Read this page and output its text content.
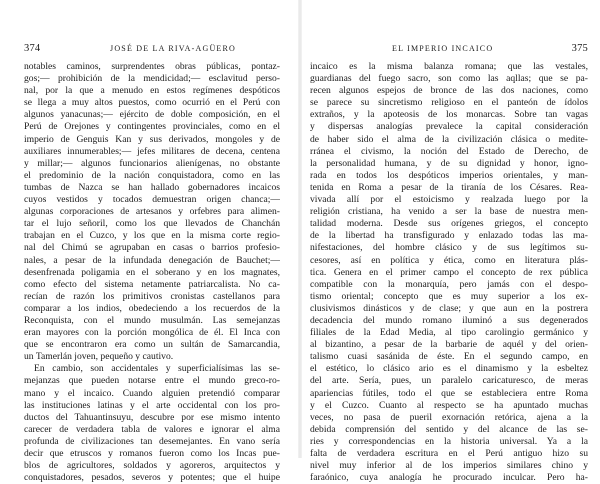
374	JOSÉ DE LA RIVA-AGÜERO
notables caminos, surprendentes obras públicas, pontaz-
gos;— prohibición de la mendicidad;— esclavitud perso-
nal, por la que a menudo en estos regímenes despóticos
se llega a muy altos puestos, como ocurrió en el Perú con
algunos yanacunas;— ejército de doble composición, en el
Perú de Orejones y contingentes provinciales, como en el
imperio de Genguis Kan y sus derivados, mongoles y de
auxiliares innumerables;— jefes militares de decena, centena
y millar;— algunos funcionarios alienígenas, no obstante
el predominio de la nación conquistadora, como en las
tumbas de Nazca se han hallado gobernadores incaicos
cuyos vestidos y tocados demuestran origen chanca;—
algunas corporaciones de artesanos y orfebres para alimen-
tar el lujo señoril, como los que llevados de Chanchán
trabajan en el Cuzco, y los que en la misma corte regio-
nal del Chimú se agrupaban en casas o barrios profesio-
nales, a pesar de la infundada denegación de Bauchet;—
desenfrenada poligamia en el soberano y en los magnates,
como efecto del sistema netamente patriarcalista. No ca-
recían de razón los primitivos cronistas castellanos para
comparar a los indios, obedeciendo a los recuerdos de la
Reconquista, con el mundo musulmán. Las semejanzas
eran mayores con la porción mongólica de él. El Inca con
que se encontraron era como un sultán de Samarcandia,
un Tamerlán joven, pequeño y cautivo.
En cambio, son accidentales y superficialísimas las se-
mejanzas que pueden notarse entre el mundo greco-ro-
mano y el incaico. Cuando alguien pretendió comparar
las instituciones latinas y el arte occidental con los pro-
ductos del Tahuantinsuyu, descubre por ese mismo intento
carecer de verdadera tabla de valores e ignorar el alma
profunda de civilizaciones tan desemejantes. En vano sería
decir que etruscos y romanos fueron como los Incas pue-
blos de agricultores, soldados y agoreros, arquitectos y
conquistadores, pesados, severos y potentes; que el huipe
EL IMPERIO INCAICO	375
incaico es la misma balanza romana; que las vestales,
guardianas del fuego sacro, son como las aqllas; que se pa-
recen algunos espejos de bronce de las dos naciones, como
se parece su sincretismo religioso en el panteón de ídolos
extraños, y la apoteosis de los monarcas. Sobre tan vagas
y dispersas analogías prevalece la capital consideración
de haber sido el alma de la civilización clásica o medite-
rránea el civismo, la noción del Estado de Derecho, de
la personalidad humana, y de su dignidad y honor, igno-
rada en todos los despóticos imperios orientales, y man-
tenida en Roma a pesar de la tiranía de los Césares. Rea-
vivada allí por el estoicismo y realzada luego por la
religión cristiana, ha venido a ser la base de nuestra men-
talidad moderna. Desde sus orígenes griegos, el concepto
de la libertad ha transfigurado y enlazado todas las ma-
nifestaciones, del hombre clásico y de sus legítimos su-
cesores, así en política y ética, como en literatura plás-
tica. Genera en el primer campo el concepto de rex pública
compatible con la monarquía, pero jamás con el despo-
tismo oriental; concepto que es muy superior a los ex-
clusivismos dinásticos y de clase; y que aun en la postrera
decadencia del mundo romano iluminó a sus degenerados
filiales de la Edad Media, al tipo carolingio germánico y
al bizantino, a pesar de la barbarie de aquél y del orien-
talismo cuasi sasánida de éste. En el segundo campo, en
el estético, lo clásico ario es el dinamismo y la esbeltez
del arte. Sería, pues, un paralelo caricaturesco, de meras
apariencias fútiles, todo el que se estableciera entre Roma
y el Cuzco. Cuanto al respecto se ha apuntado muchas
veces, no pasa de pueril exornación retórica, ajena a la
debida comprensión del sentido y del alcance de las se-
ries y correspondencias en la historia universal. Ya a la
falta de verdadera escritura en el Perú antiguo hizo su
nivel muy inferior al de los imperios similares chino y
faraónico, cuya analogía he procurado inculcar. Pero ha-
